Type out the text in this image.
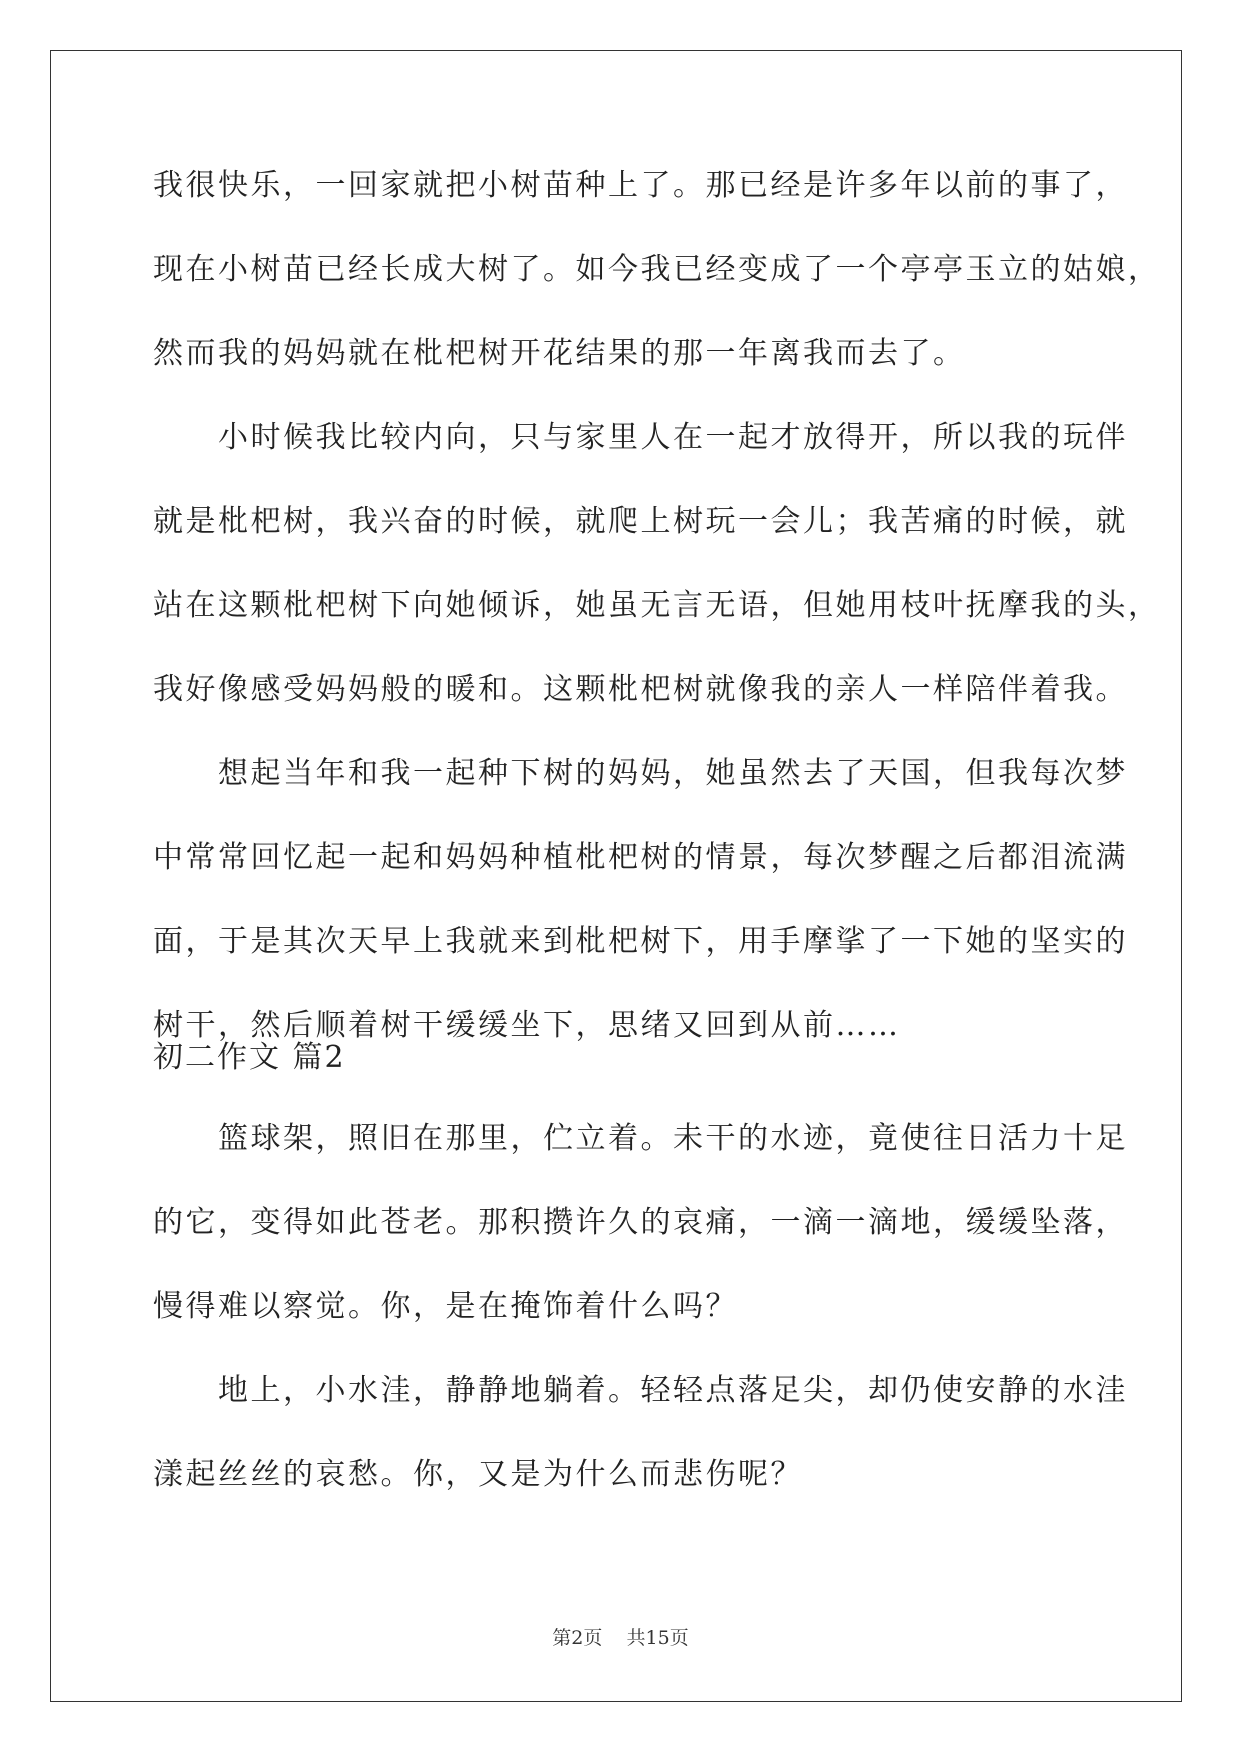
我很快乐，一回家就把小树苗种上了。那已经是许多年以前的事了，
现在小树苗已经长成大树了。如今我已经变成了一个亭亭玉立的姑娘，
然而我的妈妈就在枇杷树开花结果的那一年离我而去了。
　　小时候我比较内向，只与家里人在一起才放得开，所以我的玩伴
就是枇杷树，我兴奋的时候，就爬上树玩一会儿；我苦痛的时候，就
站在这颗枇杷树下向她倾诉，她虽无言无语，但她用枝叶抚摩我的头，
我好像感受妈妈般的暖和。这颗枇杷树就像我的亲人一样陪伴着我。
　　想起当年和我一起种下树的妈妈，她虽然去了天国，但我每次梦
中常常回忆起一起和妈妈种植枇杷树的情景，每次梦醒之后都泪流满
面，于是其次天早上我就来到枇杷树下，用手摩挲了一下她的坚实的
树干，然后顺着树干缓缓坐下，思绪又回到从前……
初二作文 篇2
　　篮球架，照旧在那里，伫立着。未干的水迹，竟使往日活力十足
的它，变得如此苍老。那积攒许久的哀痛，一滴一滴地，缓缓坠落，
慢得难以察觉。你，是在掩饰着什么吗？
　　地上，小水洼，静静地躺着。轻轻点落足尖，却仍使安静的水洼
漾起丝丝的哀愁。你，又是为什么而悲伤呢？
第2页 共15页
